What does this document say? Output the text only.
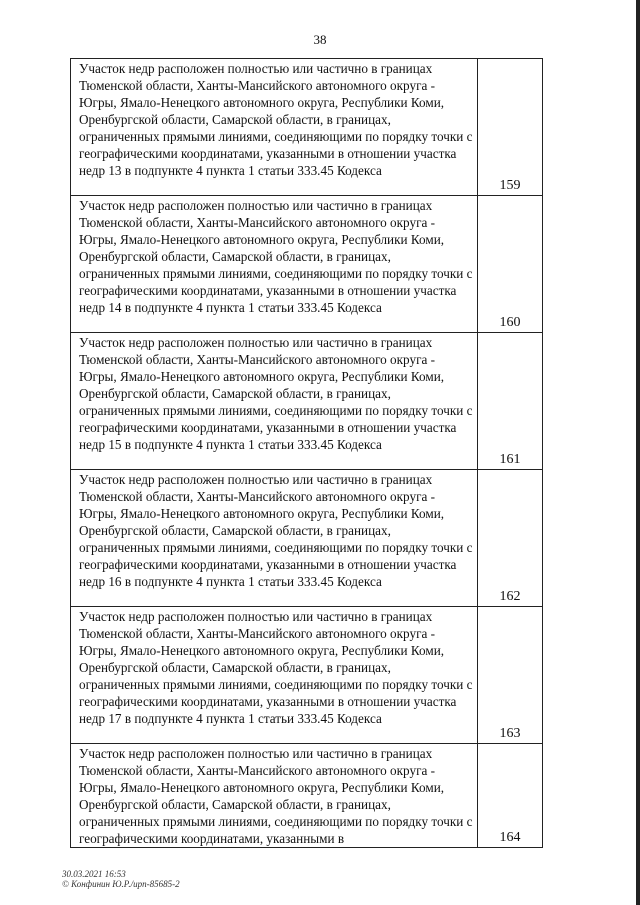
38
Участок недр расположен полностью или частично в границах Тюменской области, Ханты-Мансийского автономного округа - Югры, Ямало-Ненецкого автономного округа, Республики Коми, Оренбургской области, Самарской области, в границах, ограниченных прямыми линиями, соединяющими по порядку точки с географическими координатами, указанными в отношении участка недр 13 в подпункте 4 пункта 1 статьи 333.45 Кодекса	159
Участок недр расположен полностью или частично в границах Тюменской области, Ханты-Мансийского автономного округа - Югры, Ямало-Ненецкого автономного округа, Республики Коми, Оренбургской области, Самарской области, в границах, ограниченных прямыми линиями, соединяющими по порядку точки с географическими координатами, указанными в отношении участка недр 14 в подпункте 4 пункта 1 статьи 333.45 Кодекса	160
Участок недр расположен полностью или частично в границах Тюменской области, Ханты-Мансийского автономного округа - Югры, Ямало-Ненецкого автономного округа, Республики Коми, Оренбургской области, Самарской области, в границах, ограниченных прямыми линиями, соединяющими по порядку точки с географическими координатами, указанными в отношении участка недр 15 в подпункте 4 пункта 1 статьи 333.45 Кодекса	161
Участок недр расположен полностью или частично в границах Тюменской области, Ханты-Мансийского автономного округа - Югры, Ямало-Ненецкого автономного округа, Республики Коми, Оренбургской области, Самарской области, в границах, ограниченных прямыми линиями, соединяющими по порядку точки с географическими координатами, указанными в отношении участка недр 16 в подпункте 4 пункта 1 статьи 333.45 Кодекса	162
Участок недр расположен полностью или частично в границах Тюменской области, Ханты-Мансийского автономного округа - Югры, Ямало-Ненецкого автономного округа, Республики Коми, Оренбургской области, Самарской области, в границах, ограниченных прямыми линиями, соединяющими по порядку точки с географическими координатами, указанными в отношении участка недр 17 в подпункте 4 пункта 1 статьи 333.45 Кодекса	163
Участок недр расположен полностью или частично в границах Тюменской области, Ханты-Мансийского автономного округа - Югры, Ямало-Ненецкого автономного округа, Республики Коми, Оренбургской области, Самарской области, в границах, ограниченных прямыми линиями, соединяющими по порядку точки с географическими координатами, указанными в	164
30.03.2021 16:53
© Конфинин Ю.Р./ирп-85685-2
